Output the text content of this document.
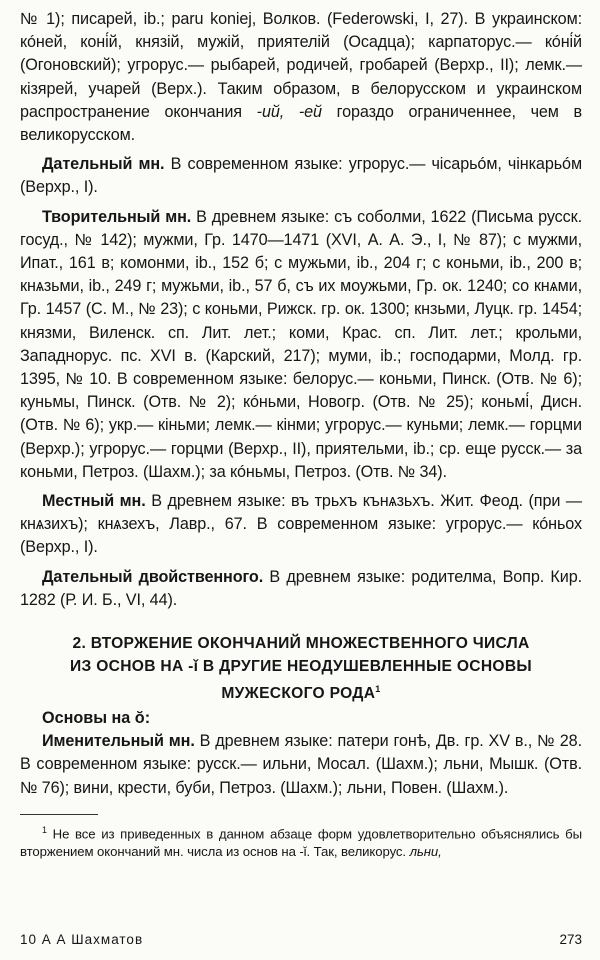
№ 1); писарей, ib.; paru koniej, Волков. (Federowski, I, 27). В украинском: кóней, коні́й, князій, мужій, приятелій (Осадца); карпаторус.— кóні́й (Огоновский); угрорус.— рыбарей, родичей, гробарей (Верхр., II); лемк.— кізярей, учарей (Верх.). Таким образом, в белорусском и украинском распространение окончания -ий, -ей гораздо ограниченнее, чем в великорусском.

Дательный мн. В современном языке: угрорус.— чісарьóм, чінкарьóм (Верхр., I).

Творительный мн. В древнем языке: съ соболми, 1622 (Письма русск. госуд., № 142); мужми, Гр. 1470—1471 (XVI, А. А. Э., I, № 87); с мужми, Ипат., 161 в; комонми, ib., 152 б; с мужьми, ib., 204 г; с коньми, ib., 200 в; кнѧзьми, ib., 249 г; мужьми, ib., 57 б, съ их моужьми, Гр. ок. 1240; со кнѧми, Гр. 1457 (С. М., № 23); с коньми, Рижск. гр. ок. 1300; кнзьми, Луцк. гр. 1454; князми, Виленск. сп. Лит. лет.; коми, Крас. сп. Лит. лет.; крольми, Западнорус. пс. XVI в. (Карский, 217); муми, ib.; господарми, Молд. гр. 1395, № 10. В современном языке: белорус.— коньми, Пинск. (Отв. № 6); куньмы, Пинск. (Отв. № 2); кóньми, Новогр. (Отв. № 25); коньмі́, Дисн. (Отв. № 6); укр.— кіньми; лемк.— кінми; угрорус.— куньми; лемк.— горцми (Верхр.); угрорус.— горцми (Верхр., II), приятельми, ib.; ср. еще русск.— за коньми, Петроз. (Шахм.); за кóньмы, Петроз. (Отв. № 34).

Местный мн. В древнем языке: въ трьхъ кънѧзьхъ. Жит. Феод. (при — кнѧзихъ); кнѧзехъ, Лавр., 67. В современном языке: угрорус.— кóньох (Верхр., I).

Дательный двойственного. В древнем языке: родителма, Вопр. Кир. 1282 (Р. И. Б., VI, 44).

2. ВТОРЖЕНИЕ ОКОНЧАНИЙ МНОЖЕСТВЕННОГО ЧИСЛА
ИЗ ОСНОВ НА -ǐ В ДРУГИЕ НЕОДУШЕВЛЕННЫЕ ОСНОВЫ
МУЖЕСКОГО РОДА$^1$
Основы на ŏ:

Именительный мн. В древнем языке: патери гонѣ, Дв. гр. XV в., № 28. В современном языке: русск.— ильни, Мосал. (Шахм.); льни, Мышк. (Отв. № 76); вини, крести, буби, Петроз. (Шахм.); льни, Повен. (Шахм.).

$^1$ Не все из приведенных в данном абзаце форм удовлетворительно объяснялись бы вторжением окончаний мн. числа из основ на -ǐ. Так, великорус. льни,

10 А А Шахматов	273
